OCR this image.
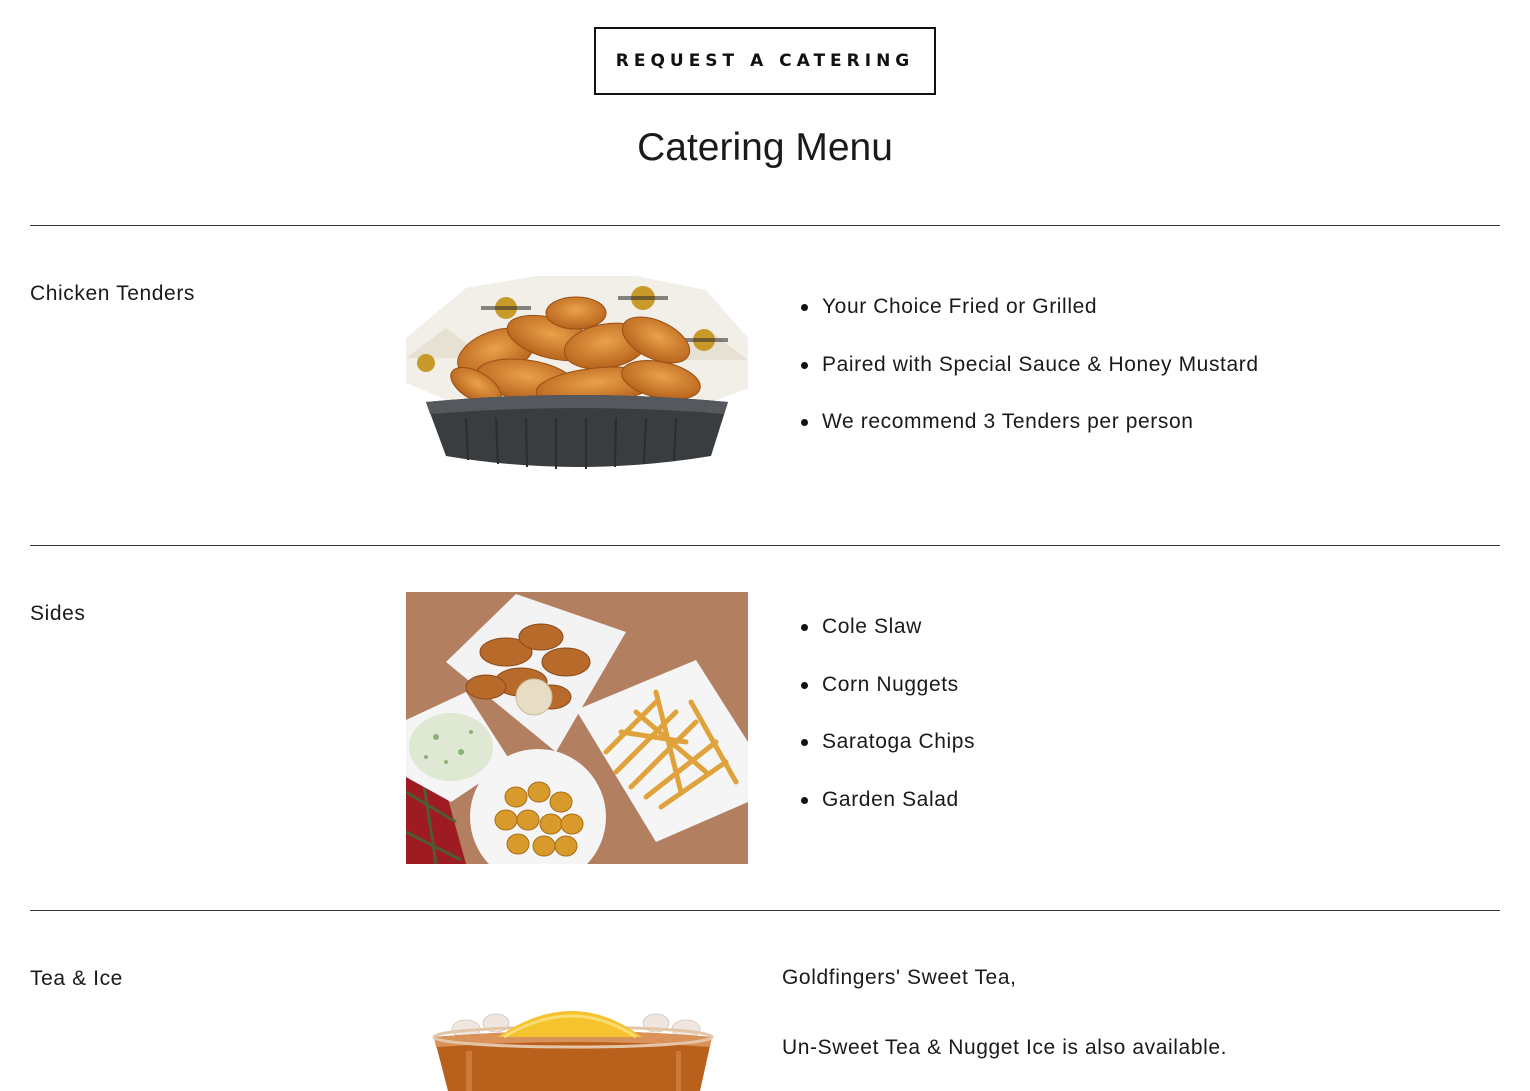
REQUEST A CATERING
Catering Menu
Chicken Tenders
Your Choice Fried or Grilled
Paired with Special Sauce & Honey Mustard
We recommend 3 Tenders per person
Sides
Cole Slaw
Corn Nuggets
Saratoga Chips
Garden Salad
Tea & Ice	Goldfingers' Sweet Tea,

Un-Sweet Tea & Nugget Ice is also available.
